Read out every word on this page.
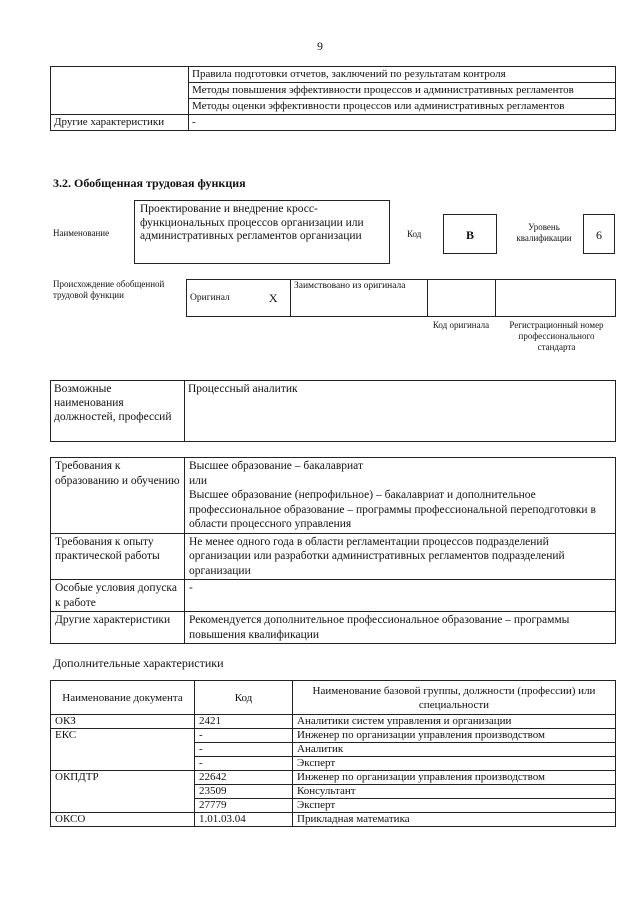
9
	Правила подготовки отчетов, заключений по результатам контроля
	Методы повышения эффективности процессов и административных регламентов
	Методы оценки эффективности процессов или административных регламентов
Другие характеристики	-
3.2. Обобщенная трудовая функция
Наименование
Проектирование и внедрение кросс-функциональных процессов организации или административных регламентов организации	Код	B
Уровень квалификации	6
Происхождение обобщенной трудовой функции	Оригинал	X	Заимствовано из оригинала		
Код оригинала	Регистрационный номер профессионального стандарта
Возможные наименования должностей, профессий	Процессный аналитик
Требования к образованию и обучению	Высшее образование – бакалавриат
или
Высшее образование (непрофильное) – бакалавриат и дополнительное профессиональное образование – программы профессиональной переподготовки в области процессного управления

Требования к опыту практической работы	Не менее одного года в области регламентации процессов подразделений организации или разработки административных регламентов подразделений организации
Особые условия допуска к работе	-
Другие характеристики	Рекомендуется дополнительное профессиональное образование – программы повышения квалификации
Дополнительные характеристики
Наименование документа	Код	Наименование базовой группы, должности (профессии) или специальности
ОКЗ	2421	Аналитики систем управления и организации
ЕКС	-	Инженер по организации управления производством
	-	Аналитик
	-	Эксперт
ОКПДТР	22642	Инженер по организации управления производством
	23509	Консультант
	27779	Эксперт
ОКСО	1.01.03.04	Прикладная математика
